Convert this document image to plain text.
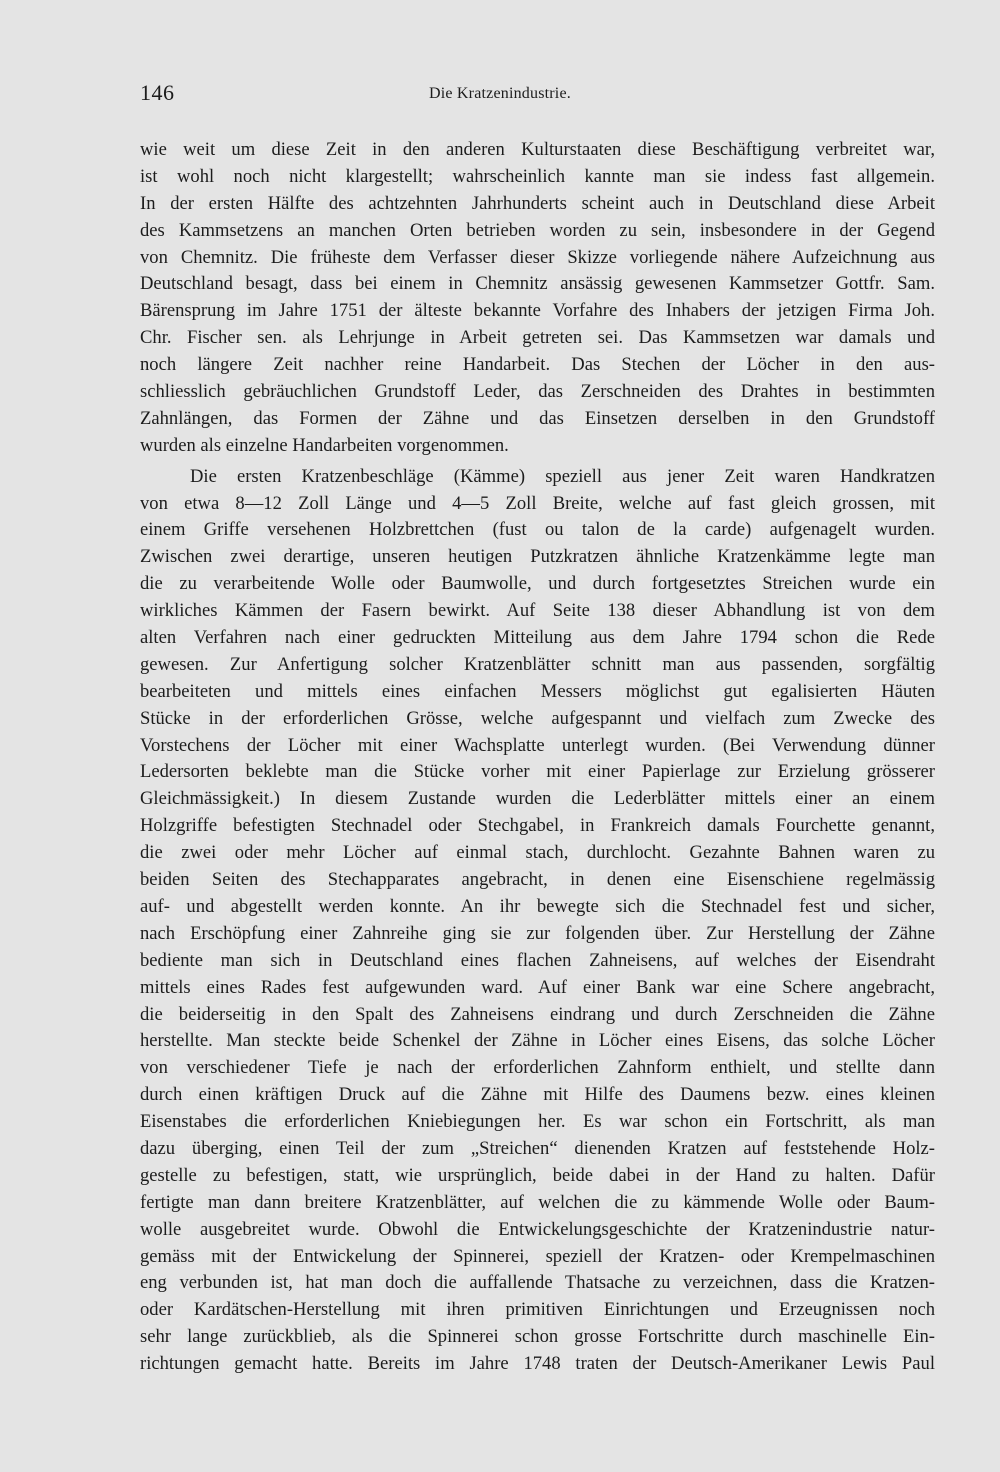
146	Die Kratzenindustrie.
wie weit um diese Zeit in den anderen Kulturstaaten diese Beschäftigung verbreitet war,
ist wohl noch nicht klargestellt; wahrscheinlich kannte man sie indess fast allgemein.
In der ersten Hälfte des achtzehnten Jahrhunderts scheint auch in Deutschland diese Arbeit
des Kammsetzens an manchen Orten betrieben worden zu sein, insbesondere in der Gegend
von Chemnitz. Die früheste dem Verfasser dieser Skizze vorliegende nähere Aufzeichnung aus
Deutschland besagt, dass bei einem in Chemnitz ansässig gewesenen Kammsetzer Gottfr. Sam.
Bärensprung im Jahre 1751 der älteste bekannte Vorfahre des Inhabers der jetzigen Firma Joh.
Chr. Fischer sen. als Lehrjunge in Arbeit getreten sei. Das Kammsetzen war damals und
noch längere Zeit nachher reine Handarbeit. Das Stechen der Löcher in den aus-
schliesslich gebräuchlichen Grundstoff Leder, das Zerschneiden des Drahtes in bestimmten
Zahnlängen, das Formen der Zähne und das Einsetzen derselben in den Grundstoff
wurden als einzelne Handarbeiten vorgenommen.
Die ersten Kratzenbeschläge (Kämme) speziell aus jener Zeit waren Handkratzen
von etwa 8—12 Zoll Länge und 4—5 Zoll Breite, welche auf fast gleich grossen, mit
einem Griffe versehenen Holzbrettchen (fust ou talon de la carde) aufgenagelt wurden.
Zwischen zwei derartige, unseren heutigen Putzkratzen ähnliche Kratzenkämme legte man
die zu verarbeitende Wolle oder Baumwolle, und durch fortgesetztes Streichen wurde ein
wirkliches Kämmen der Fasern bewirkt. Auf Seite 138 dieser Abhandlung ist von dem
alten Verfahren nach einer gedruckten Mitteilung aus dem Jahre 1794 schon die Rede
gewesen. Zur Anfertigung solcher Kratzenblätter schnitt man aus passenden, sorgfältig
bearbeiteten und mittels eines einfachen Messers möglichst gut egalisierten Häuten
Stücke in der erforderlichen Grösse, welche aufgespannt und vielfach zum Zwecke des
Vorstechens der Löcher mit einer Wachsplatte unterlegt wurden. (Bei Verwendung dünner
Ledersorten beklebte man die Stücke vorher mit einer Papierlage zur Erzielung grösserer
Gleichmässigkeit.) In diesem Zustande wurden die Lederblätter mittels einer an einem
Holzgriffe befestigten Stechnadel oder Stechgabel, in Frankreich damals Fourchette genannt,
die zwei oder mehr Löcher auf einmal stach, durchlocht. Gezahnte Bahnen waren zu
beiden Seiten des Stechapparates angebracht, in denen eine Eisenschiene regelmässig
auf- und abgestellt werden konnte. An ihr bewegte sich die Stechnadel fest und sicher,
nach Erschöpfung einer Zahnreihe ging sie zur folgenden über. Zur Herstellung der Zähne
bediente man sich in Deutschland eines flachen Zahneisens, auf welches der Eisendraht
mittels eines Rades fest aufgewunden ward. Auf einer Bank war eine Schere angebracht,
die beiderseitig in den Spalt des Zahneisens eindrang und durch Zerschneiden die Zähne
herstellte. Man steckte beide Schenkel der Zähne in Löcher eines Eisens, das solche Löcher
von verschiedener Tiefe je nach der erforderlichen Zahnform enthielt, und stellte dann
durch einen kräftigen Druck auf die Zähne mit Hilfe des Daumens bezw. eines kleinen
Eisenstabes die erforderlichen Kniebiegungen her. Es war schon ein Fortschritt, als man
dazu überging, einen Teil der zum „Streichen“ dienenden Kratzen auf feststehende Holz-
gestelle zu befestigen, statt, wie ursprünglich, beide dabei in der Hand zu halten. Dafür
fertigte man dann breitere Kratzenblätter, auf welchen die zu kämmende Wolle oder Baum-
wolle ausgebreitet wurde. Obwohl die Entwickelungsgeschichte der Kratzenindustrie natur-
gemäss mit der Entwickelung der Spinnerei, speziell der Kratzen- oder Krempelmaschinen
eng verbunden ist, hat man doch die auffallende Thatsache zu verzeichnen, dass die Kratzen-
oder Kardätschen-Herstellung mit ihren primitiven Einrichtungen und Erzeugnissen noch
sehr lange zurückblieb, als die Spinnerei schon grosse Fortschritte durch maschinelle Ein-
richtungen gemacht hatte. Bereits im Jahre 1748 traten der Deutsch-Amerikaner Lewis Paul
